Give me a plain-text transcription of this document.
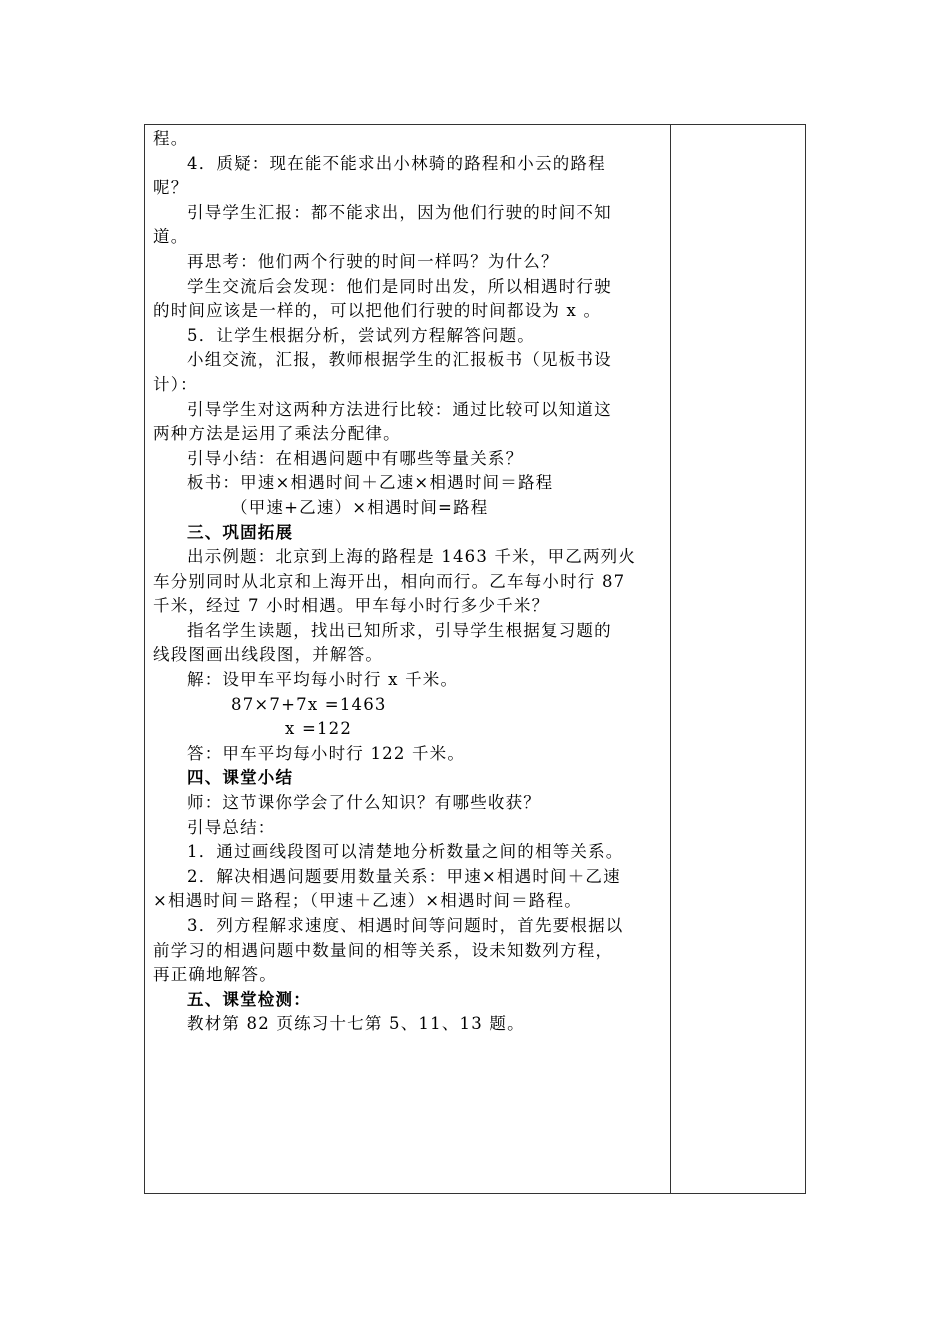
程。
4．质疑：现在能不能求出小林骑的路程和小云的路程
呢？
引导学生汇报：都不能求出，因为他们行驶的时间不知
道。
再思考：他们两个行驶的时间一样吗？为什么？
学生交流后会发现：他们是同时出发，所以相遇时行驶
的时间应该是一样的，可以把他们行驶的时间都设为 x 。
5．让学生根据分析，尝试列方程解答问题。
小组交流，汇报，教师根据学生的汇报板书（见板书设
计）：
引导学生对这两种方法进行比较：通过比较可以知道这
两种方法是运用了乘法分配律。
引导小结：在相遇问题中有哪些等量关系？
板书：甲速×相遇时间＋乙速×相遇时间＝路程
（甲速+乙速）×相遇时间=路程
三、巩固拓展
出示例题：北京到上海的路程是 1463 千米，甲乙两列火
车分别同时从北京和上海开出，相向而行。乙车每小时行 87
千米，经过 7 小时相遇。甲车每小时行多少千米？
指名学生读题，找出已知所求，引导学生根据复习题的
线段图画出线段图，并解答。
解：设甲车平均每小时行 x 千米。
87×7+7x =1463
x =122
答：甲车平均每小时行 122 千米。
四、课堂小结
师：这节课你学会了什么知识？有哪些收获？
引导总结：
1．通过画线段图可以清楚地分析数量之间的相等关系。
2．解决相遇问题要用数量关系：甲速×相遇时间＋乙速
×相遇时间＝路程；（甲速＋乙速）×相遇时间＝路程。
3．列方程解求速度、相遇时间等问题时，首先要根据以
前学习的相遇问题中数量间的相等关系，设未知数列方程，
再正确地解答。
五、课堂检测：
教材第 82 页练习十七第 5、11、13 题。
